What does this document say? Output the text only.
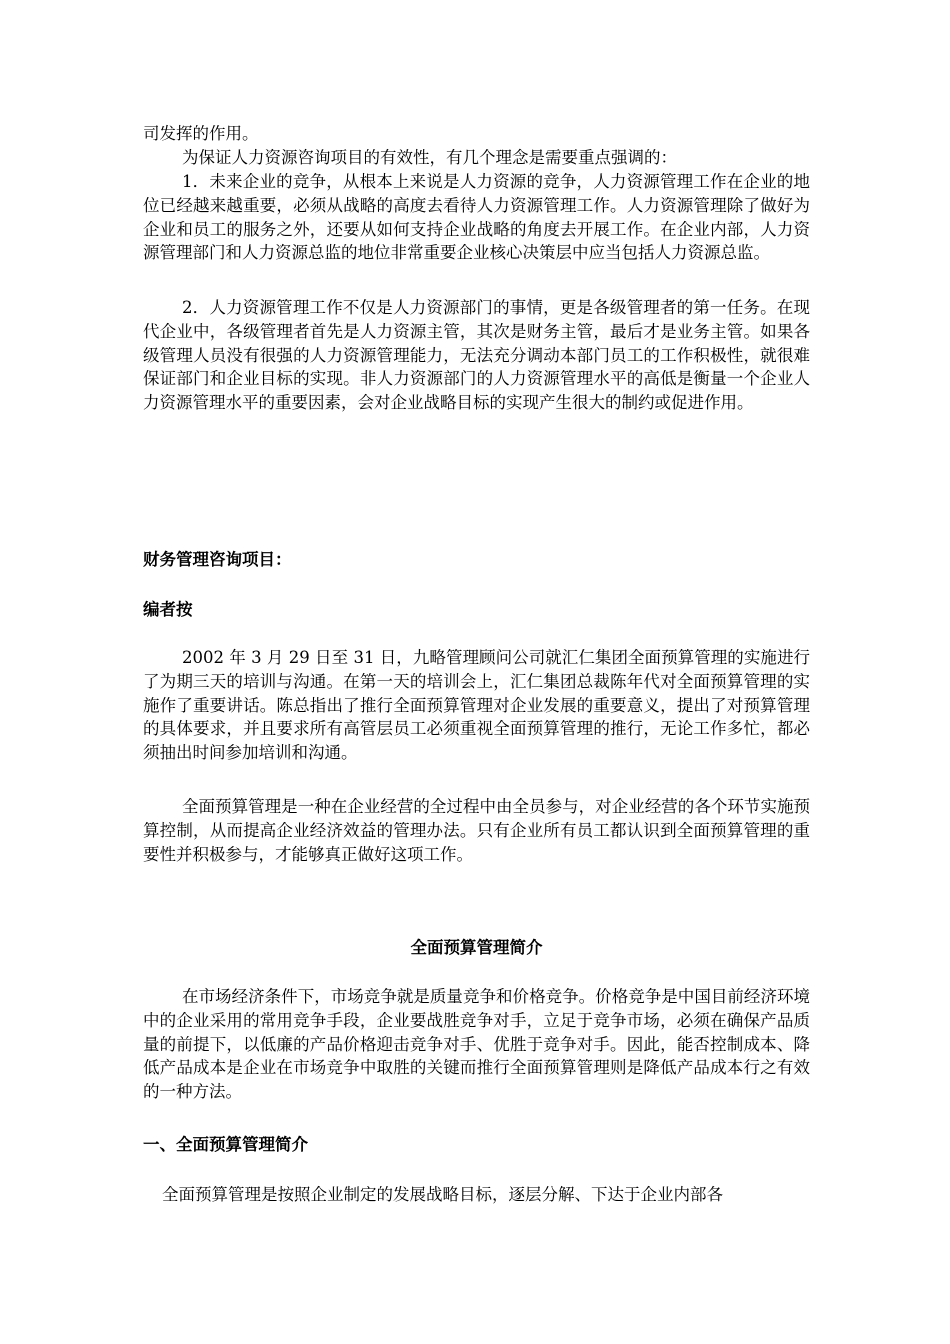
司发挥的作用。

为保证人力资源咨询项目的有效性，有几个理念是需要重点强调的：

1．未来企业的竞争，从根本上来说是人力资源的竞争，人力资源管理工作在企业的地位已经越来越重要，必须从战略的高度去看待人力资源管理工作。人力资源管理除了做好为企业和员工的服务之外，还要从如何支持企业战略的角度去开展工作。在企业内部，人力资源管理部门和人力资源总监的地位非常重要企业核心决策层中应当包括人力资源总监。

2．人力资源管理工作不仅是人力资源部门的事情，更是各级管理者的第一任务。在现代企业中，各级管理者首先是人力资源主管，其次是财务主管，最后才是业务主管。如果各级管理人员没有很强的人力资源管理能力，无法充分调动本部门员工的工作积极性，就很难保证部门和企业目标的实现。非人力资源部门的人力资源管理水平的高低是衡量一个企业人力资源管理水平的重要因素，会对企业战略目标的实现产生很大的制约或促进作用。

财务管理咨询项目：

编者按

2002 年 3 月 29 日至 31 日，九略管理顾问公司就汇仁集团全面预算管理的实施进行了为期三天的培训与沟通。在第一天的培训会上，汇仁集团总裁陈年代对全面预算管理的实施作了重要讲话。陈总指出了推行全面预算管理对企业发展的重要意义，提出了对预算管理的具体要求，并且要求所有高管层员工必须重视全面预算管理的推行，无论工作多忙，都必须抽出时间参加培训和沟通。

全面预算管理是一种在企业经营的全过程中由全员参与，对企业经营的各个环节实施预算控制，从而提高企业经济效益的管理办法。只有企业所有员工都认识到全面预算管理的重要性并积极参与，才能够真正做好这项工作。

全面预算管理简介

在市场经济条件下，市场竞争就是质量竞争和价格竞争。价格竞争是中国目前经济环境中的企业采用的常用竞争手段，企业要战胜竞争对手，立足于竞争市场，必须在确保产品质量的前提下，以低廉的产品价格迎击竞争对手、优胜于竞争对手。因此，能否控制成本、降低产品成本是企业在市场竞争中取胜的关键而推行全面预算管理则是降低产品成本行之有效的一种方法。

一、全面预算管理简介

全面预算管理是按照企业制定的发展战略目标，逐层分解、下达于企业内部各
